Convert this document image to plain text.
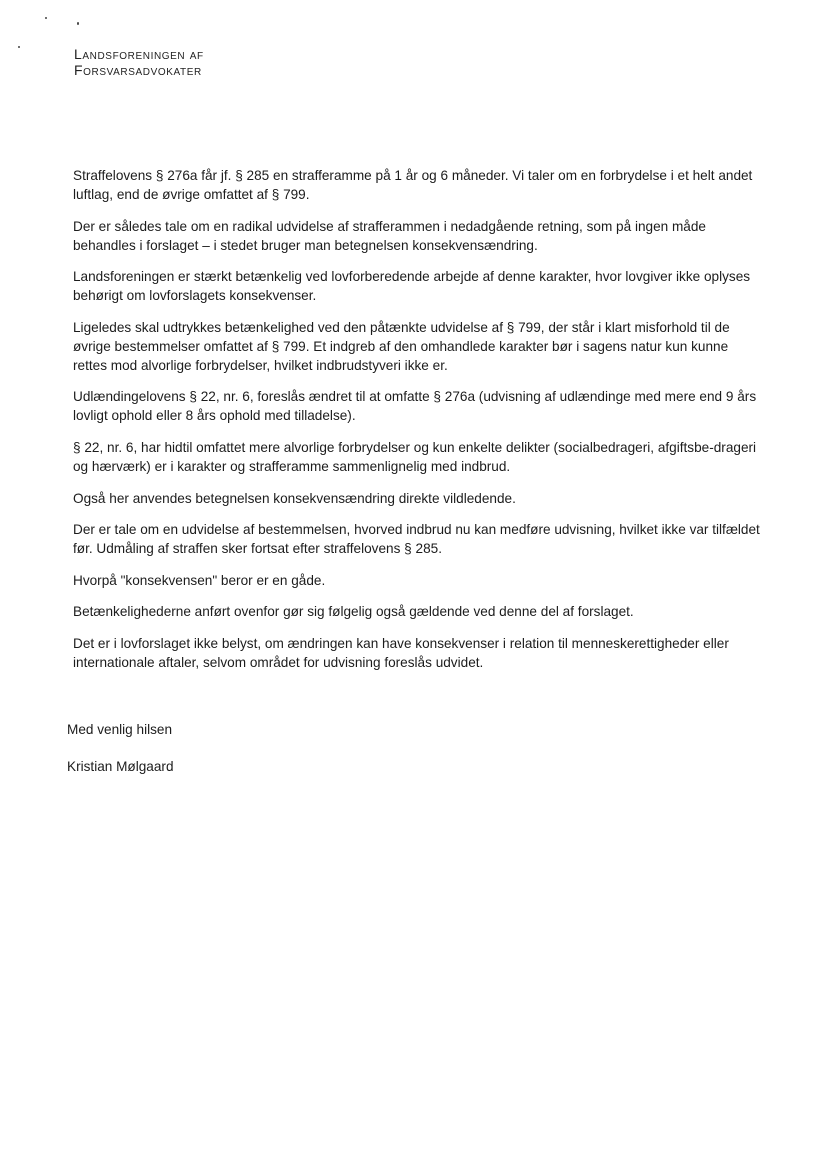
Landsforeningen af
Forsvarsadvokater

Straffelovens § 276a får jf. § 285 en strafferamme på 1 år og 6 måneder. Vi taler om en forbrydelse i et helt andet luftlag, end de øvrige omfattet af § 799.

Der er således tale om en radikal udvidelse af strafferammen i nedadgående retning, som på ingen måde behandles i forslaget – i stedet bruger man betegnelsen konsekvensændring.

Landsforeningen er stærkt betænkelig ved lovforberedende arbejde af denne karakter, hvor lovgiver ikke oplyses behørigt om lovforslagets konsekvenser.

Ligeledes skal udtrykkes betænkelighed ved den påtænkte udvidelse af § 799, der står i klart misforhold til de øvrige bestemmelser omfattet af § 799. Et indgreb af den omhandlede karakter bør i sagens natur kun kunne rettes mod alvorlige forbrydelser, hvilket indbrudstyveri ikke er.

Udlændingelovens § 22, nr. 6, foreslås ændret til at omfatte § 276a (udvisning af udlændinge med mere end 9 års lovligt ophold eller 8 års ophold med tilladelse).

§ 22, nr. 6, har hidtil omfattet mere alvorlige forbrydelser og kun enkelte delikter (socialbedrageri, afgiftsbe-drageri og hærværk) er i karakter og strafferamme sammenlignelig med indbrud.

Også her anvendes betegnelsen konsekvensændring direkte vildledende.

Der er tale om en udvidelse af bestemmelsen, hvorved indbrud nu kan medføre udvisning, hvilket ikke var tilfældet før. Udmåling af straffen sker fortsat efter straffelovens § 285.

Hvorpå "konsekvensen" beror er en gåde.

Betænkelighederne anført ovenfor gør sig følgelig også gældende ved denne del af forslaget.

Det er i lovforslaget ikke belyst, om ændringen kan have konsekvenser i relation til menneskerettigheder eller internationale aftaler, selvom området for udvisning foreslås udvidet.

Med venlig hilsen

Kristian Mølgaard
